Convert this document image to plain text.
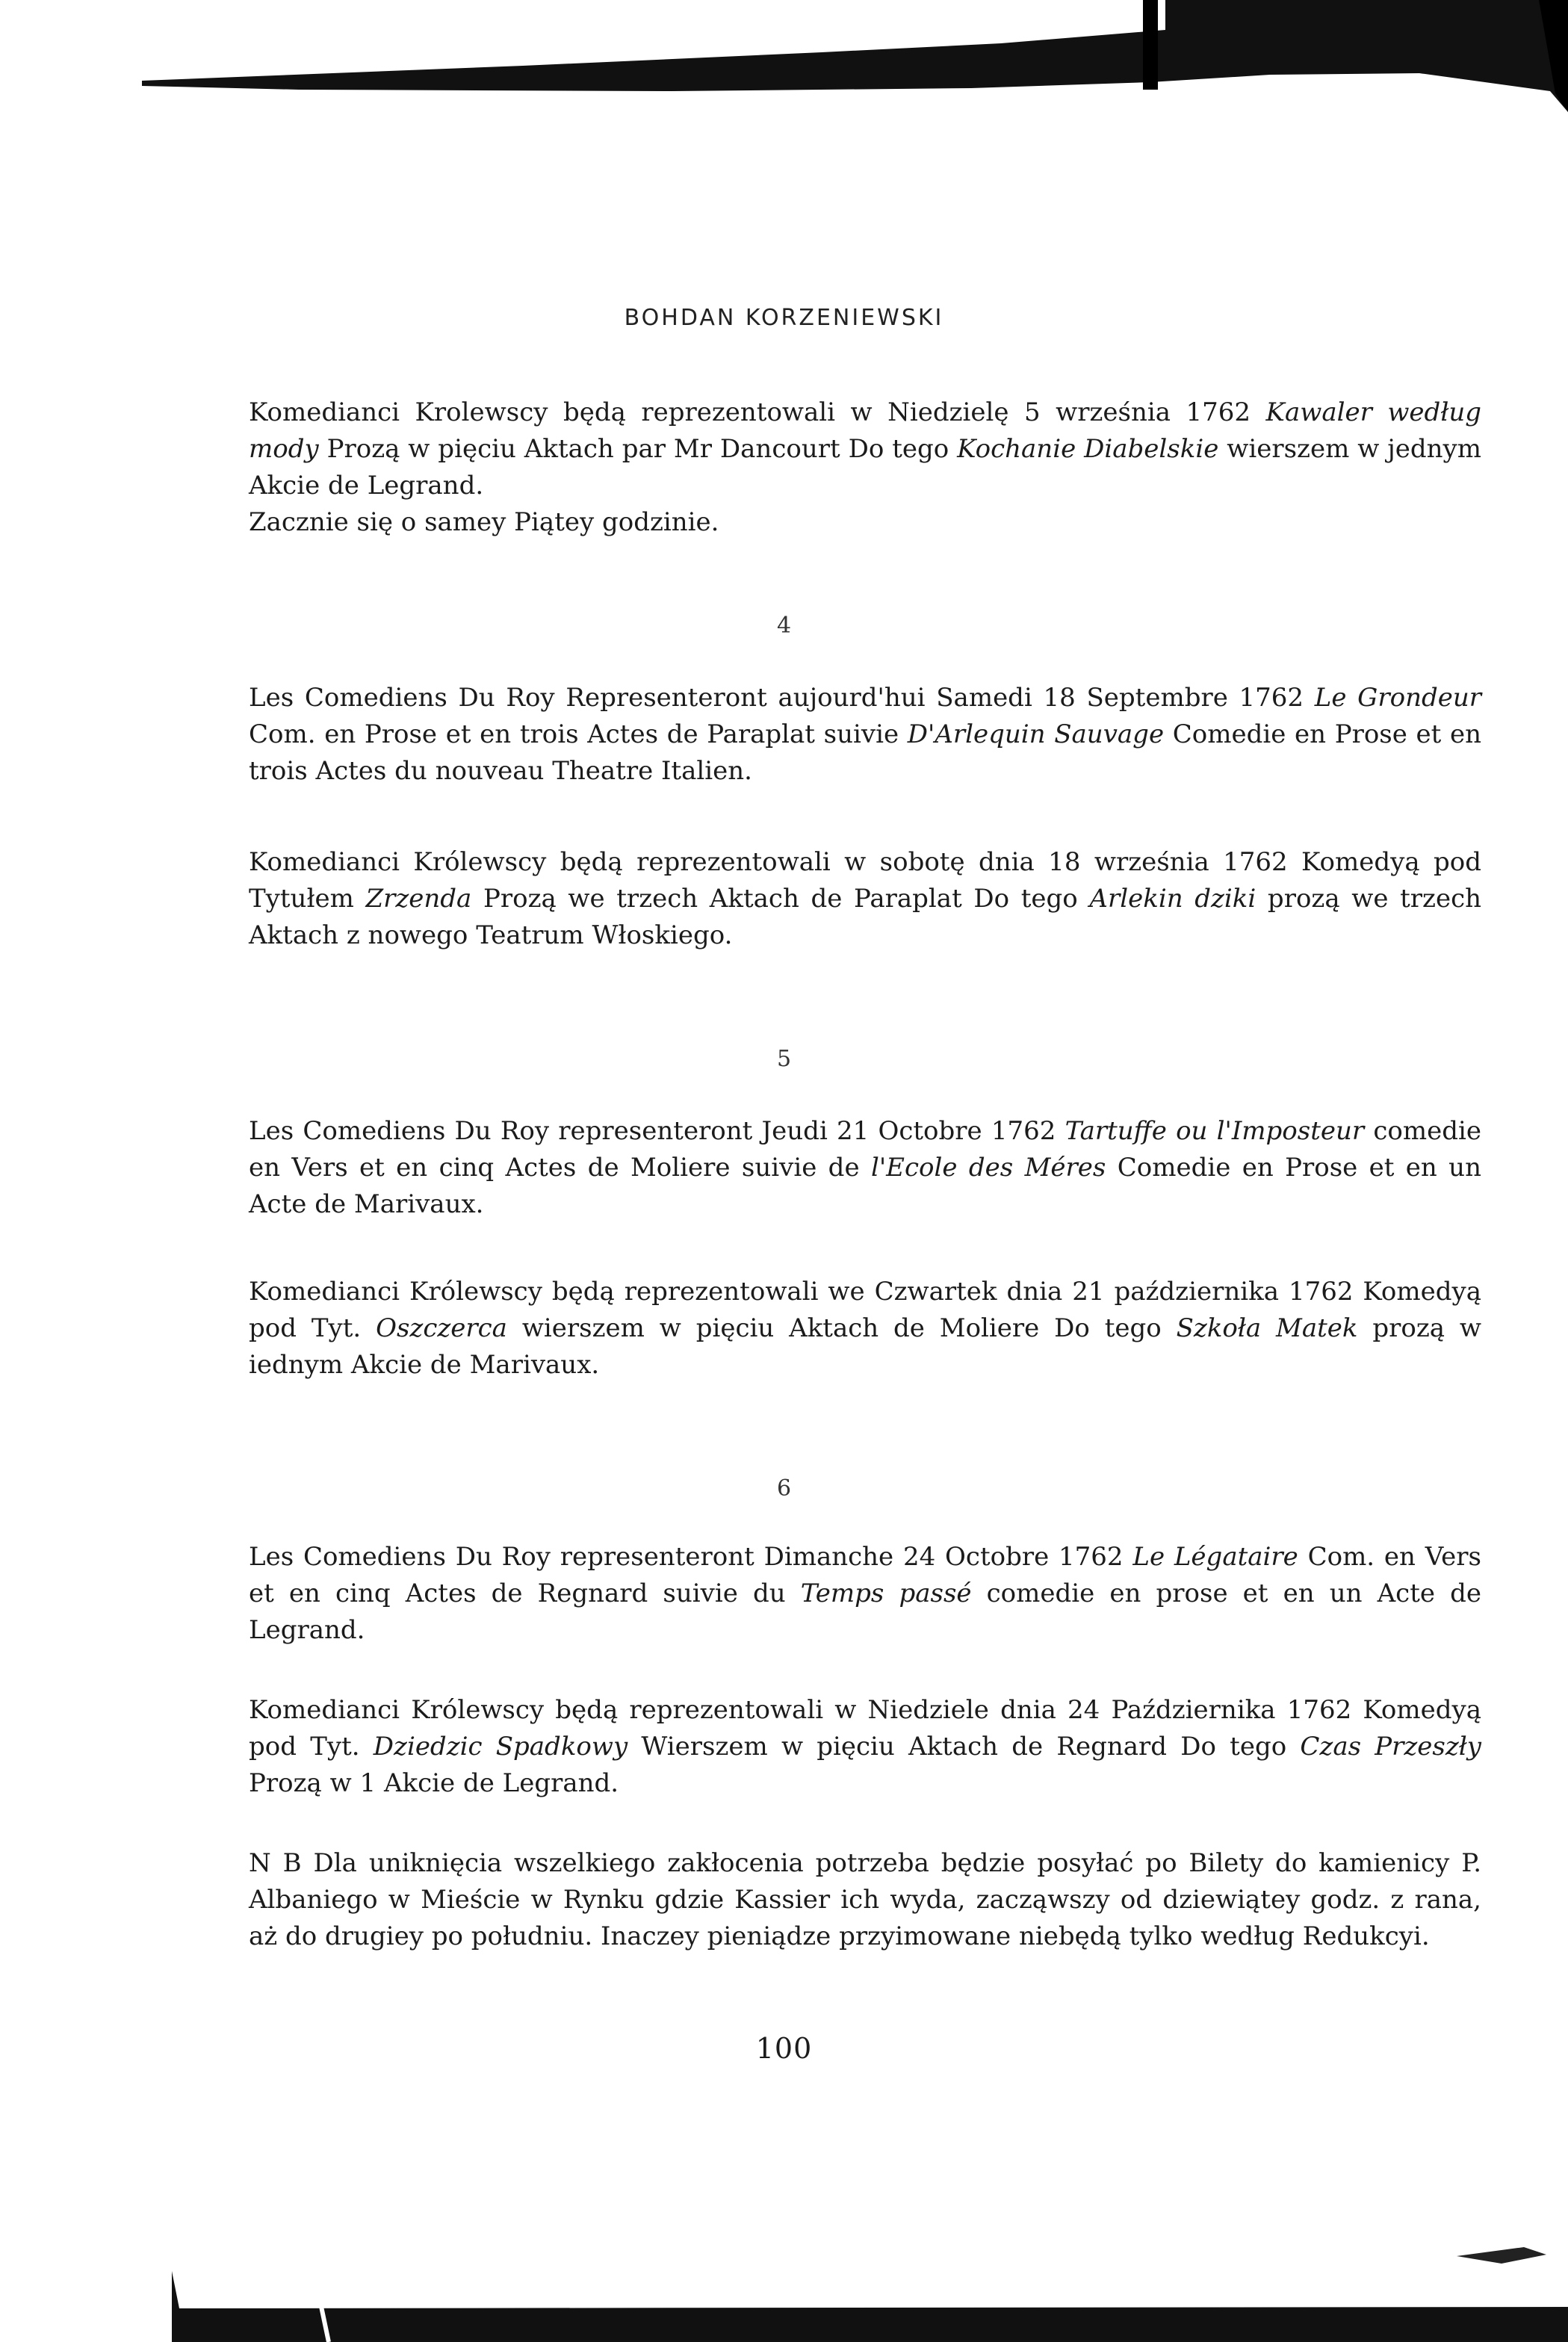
BOHDAN KORZENIEWSKI

Komedianci Krolewscy będą reprezentowali w Niedzielę 5 września 1762 Kawaler według mody Prozą w pięciu Aktach par Mr Dancourt Do tego Kochanie Diabelskie wierszem w jednym Akcie de Legrand.

Zacznie się o samey Piątey godzinie.

4

Les Comediens Du Roy Representeront aujourd'hui Samedi 18 Septembre 1762 Le Grondeur Com. en Prose et en trois Actes de Paraplat suivie D'Arlequin Sauvage Comedie en Prose et en trois Actes du nouveau Theatre Italien.

Komedianci Królewscy będą reprezentowali w sobotę dnia 18 września 1762 Komedyą pod Tytułem Zrzenda Prozą we trzech Aktach de Paraplat Do tego Arlekin dziki prozą we trzech Aktach z nowego Teatrum Włoskiego.

5

Les Comediens Du Roy representeront Jeudi 21 Octobre 1762 Tartuffe ou l'Imposteur comedie en Vers et en cinq Actes de Moliere suivie de l'Ecole des Méres Comedie en Prose et en un Acte de Marivaux.

Komedianci Królewscy będą reprezentowali we Czwartek dnia 21 października 1762 Komedyą pod Tyt. Oszczerca wierszem w pięciu Aktach de Moliere Do tego Szkoła Matek prozą w iednym Akcie de Marivaux.

6

Les Comediens Du Roy representeront Dimanche 24 Octobre 1762 Le Légataire Com. en Vers et en cinq Actes de Regnard suivie du Temps passé comedie en prose et en un Acte de Legrand.

Komedianci Królewscy będą reprezentowali w Niedziele dnia 24 Października 1762 Komedyą pod Tyt. Dziedzic Spadkowy Wierszem w pięciu Aktach de Regnard Do tego Czas Przeszły Prozą w 1 Akcie de Legrand.

N B Dla uniknięcia wszelkiego zakłocenia potrzeba będzie posyłać po Bilety do kamienicy P. Albaniego w Mieście w Rynku gdzie Kassier ich wyda, zacząwszy od dziewiątey godz. z rana, aż do drugiey po południu. Inaczey pieniądze przyimowane niebędą tylko według Redukcyi.

100
